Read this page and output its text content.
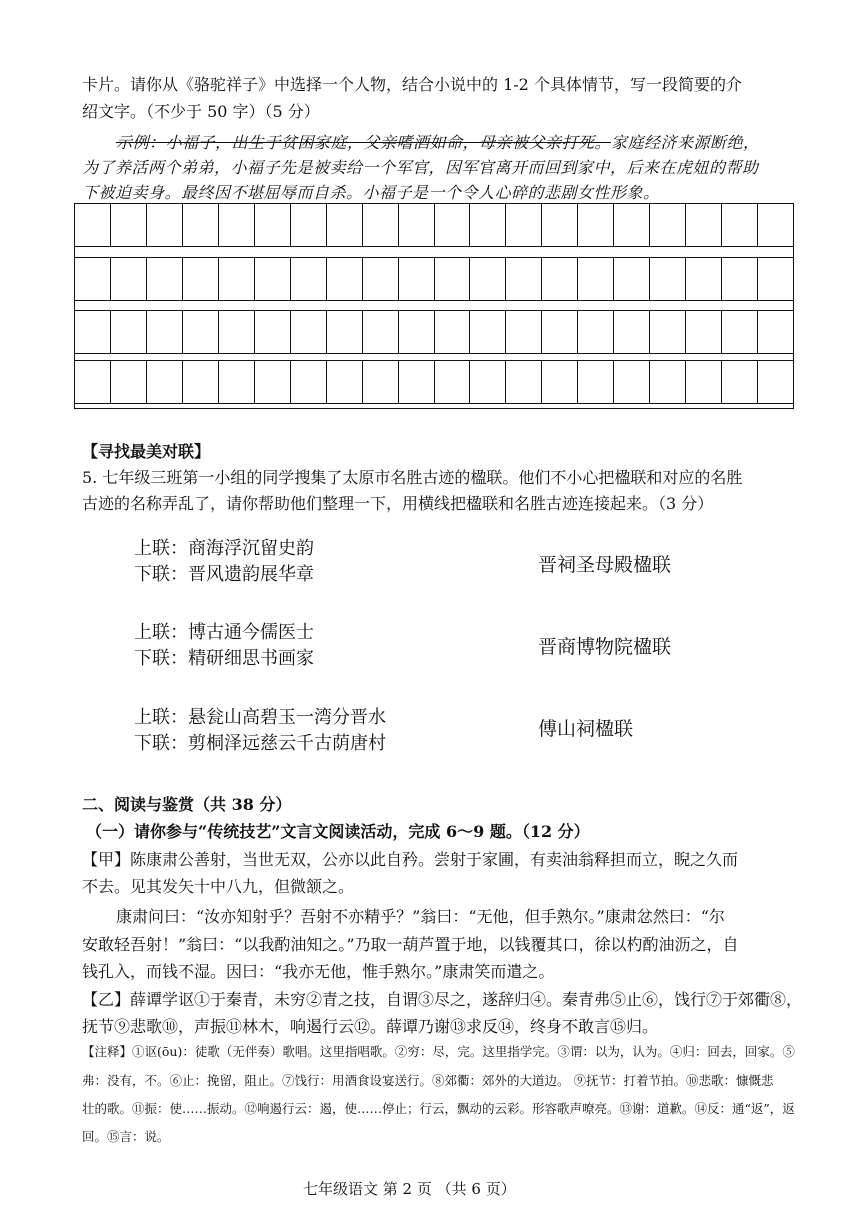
卡片。请你从《骆驼祥子》中选择一个人物，结合小说中的 1-2 个具体情节，写一段简要的介
绍文字。（不少于 50 字）（5 分）
示例：小福子，出生于贫困家庭，父亲嗜酒如命，母亲被父亲打死。家庭经济来源断绝，
为了养活两个弟弟，小福子先是被卖给一个军官，因军官离开而回到家中，后来在虎妞的帮助
下被迫卖身。最终因不堪屈辱而自杀。小福子是一个令人心碎的悲剧女性形象。
【寻找最美对联】
5. 七年级三班第一小组的同学搜集了太原市名胜古迹的楹联。他们不小心把楹联和对应的名胜
古迹的名称弄乱了，请你帮助他们整理一下，用横线把楹联和名胜古迹连接起来。（3 分）
上联：商海浮沉留史韵
下联：晋风遗韵展华章	晋祠圣母殿楹联
上联：博古通今儒医士
下联：精研细思书画家
晋商博物院楹联
上联：悬瓮山高碧玉一湾分晋水
下联：剪桐泽远慈云千古荫唐村
傅山祠楹联
二、阅读与鉴赏（共 38 分）
（一）请你参与“传统技艺”文言文阅读活动，完成 6～9 题。（12 分）
【甲】陈康肃公善射，当世无双，公亦以此自矜。尝射于家圃，有卖油翁释担而立，睨之久而
不去。见其发矢十中八九，但微颔之。
康肃问曰：“汝亦知射乎？吾射不亦精乎？”翁曰：“无他，但手熟尔。”康肃忿然曰：“尔
安敢轻吾射！”翁曰：“以我酌油知之。”乃取一葫芦置于地，以钱覆其口，徐以杓酌油沥之，自
钱孔入，而钱不湿。因曰：“我亦无他，惟手熟尔。”康肃笑而遣之。
【乙】薛谭学讴①于秦青，未穷②青之技，自谓③尽之，遂辞归④。秦青弗⑤止⑥，饯行⑦于郊衢⑧，
抚节⑨悲歌⑩，声振⑪林木，响遏行云⑫。薛谭乃谢⑬求反⑭，终身不敢言⑮归。
【注释】①讴(ōu)：徒歌（无伴奏）歌唱。这里指唱歌。②穷：尽，完。这里指学完。③谓：以为，认为。④归：回去，回家。⑤
弗：没有，不。⑥止：挽留，阻止。⑦饯行：用酒食设宴送行。⑧郊衢：郊外的大道边。 ⑨抚节：打着节拍。⑩悲歌：慷慨悲
壮的歌。⑪振：使……振动。⑫响遏行云：遏，使……停止；行云，飘动的云彩。形容歌声嘹亮。⑬谢：道歉。⑭反：通“返”，返
回。⑮言：说。
七年级语文 第 2 页 （共 6 页）
